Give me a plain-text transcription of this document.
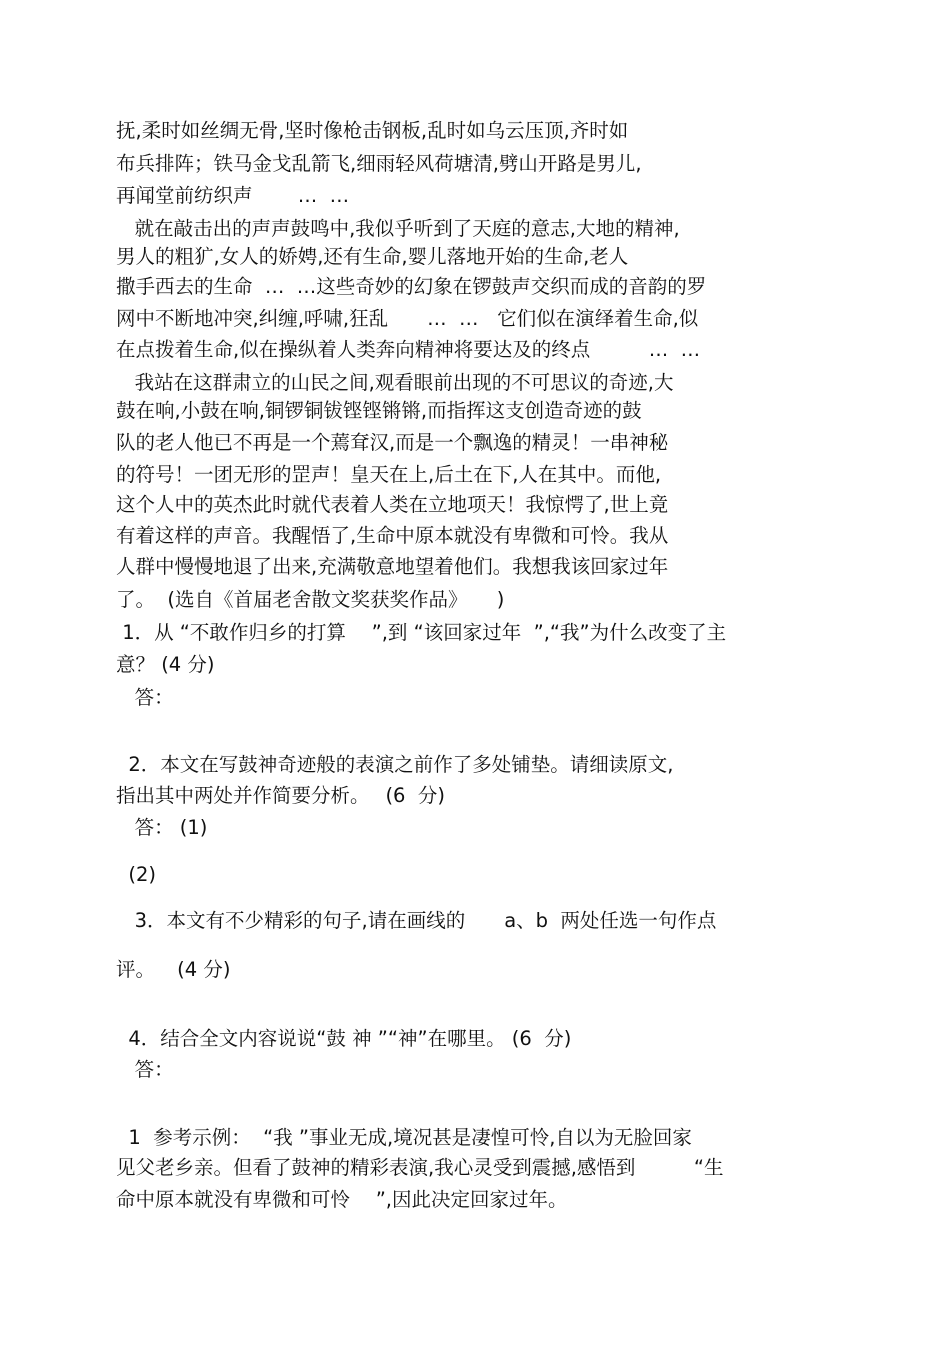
抚,柔时如丝绸无骨,坚时像枪击钢板,乱时如乌云压顶,齐时如
布兵排阵；铁马金戈乱箭飞,细雨轻风荷塘清,劈山开路是男儿,
再闻堂前纺织声　　 …  …
就在敲击出的声声鼓鸣中,我似乎听到了天庭的意志,大地的精神,
男人的粗犷,女人的娇娉,还有生命,婴儿落地开始的生命,老人
撒手西去的生命  …  …这些奇妙的幻象在锣鼓声交织而成的音韵的罗
网中不断地冲突,纠缠,呼啸,狂乱　　…  …   它们似在演绎着生命,似
在点拨着生命,似在操纵着人类奔向精神将要达及的终点　　　…  …
我站在这群肃立的山民之间,观看眼前出现的不可思议的奇迹,大
鼓在响,小鼓在响,铜锣铜钹铿铿锵锵,而指挥这支创造奇迹的鼓
队的老人他已不再是一个蔫耷汉,而是一个飘逸的精灵！一串神秘
的符号！一团无形的罡声！皇天在上,后土在下,人在其中。而他,
这个人中的英杰此时就代表着人类在立地项天！我惊愕了,世上竟
有着这样的声音。我醒悟了,生命中原本就没有卑微和可怜。我从
人群中慢慢地退了出来,充满敬意地望着他们。我想我该回家过年
了。  (选自《首届老舍散文奖获奖作品》　　)
1．从 “不敢作归乡的打算　 ”,到 “该回家过年  ”,“我”为什么改变了主
意？ (4 分)
答：
2．本文在写鼓神奇迹般的表演之前作了多处铺垫。请细读原文,
指出其中两处并作简要分析。　 (6  分)
答： (1)
(2)
3．本文有不少精彩的句子,请在画线的　　a、b  两处任选一句作点
评。　  (4 分)
4．结合全文内容说说“鼓 神 ”“神”在哪里。 (6  分)
答：
1  参考示例：  “我 ”事业无成,境况甚是凄惶可怜,自以为无脸回家
见父老乡亲。但看了鼓神的精彩表演,我心灵受到震撼,感悟到　　　“生
命中原本就没有卑微和可怜　 ”,因此决定回家过年。
